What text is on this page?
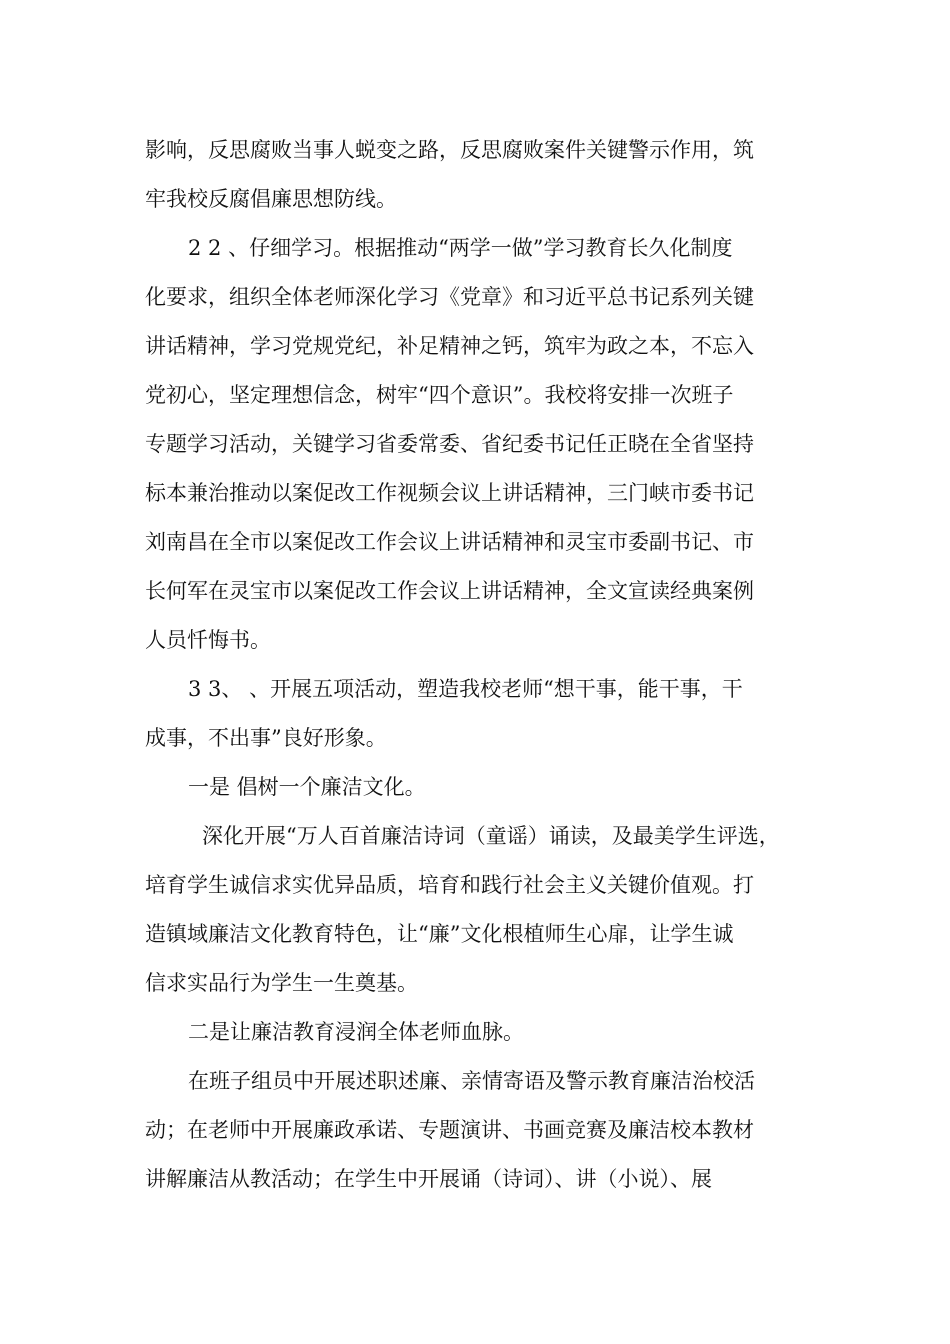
影响，反思腐败当事人蜕变之路，反思腐败案件关键警示作用，筑
牢我校反腐倡廉思想防线。
2 2 、仔细学习。根据推动“两学一做”学习教育长久化制度
化要求，组织全体老师深化学习《党章》和习近平总书记系列关键
讲话精神，学习党规党纪，补足精神之钙，筑牢为政之本，不忘入
党初心，坚定理想信念，树牢“四个意识”。我校将安排一次班子
专题学习活动，关键学习省委常委、省纪委书记任正晓在全省坚持
标本兼治推动以案促改工作视频会议上讲话精神，三门峡市委书记
刘南昌在全市以案促改工作会议上讲话精神和灵宝市委副书记、市
长何军在灵宝市以案促改工作会议上讲话精神，全文宣读经典案例
人员忏悔书。
3 3、 、开展五项活动，塑造我校老师“想干事，能干事，干
成事，不出事”良好形象。
一是 倡树一个廉洁文化。
深化开展“万人百首廉洁诗词（童谣）诵读，及最美学生评选，
培育学生诚信求实优异品质，培育和践行社会主义关键价值观。打
造镇域廉洁文化教育特色，让“廉”文化根植师生心扉，让学生诚
信求实品行为学生一生奠基。
二是让廉洁教育浸润全体老师血脉。
在班子组员中开展述职述廉、亲情寄语及警示教育廉洁治校活
动；在老师中开展廉政承诺、专题演讲、书画竞赛及廉洁校本教材
讲解廉洁从教活动；在学生中开展诵（诗词）、讲（小说）、展
